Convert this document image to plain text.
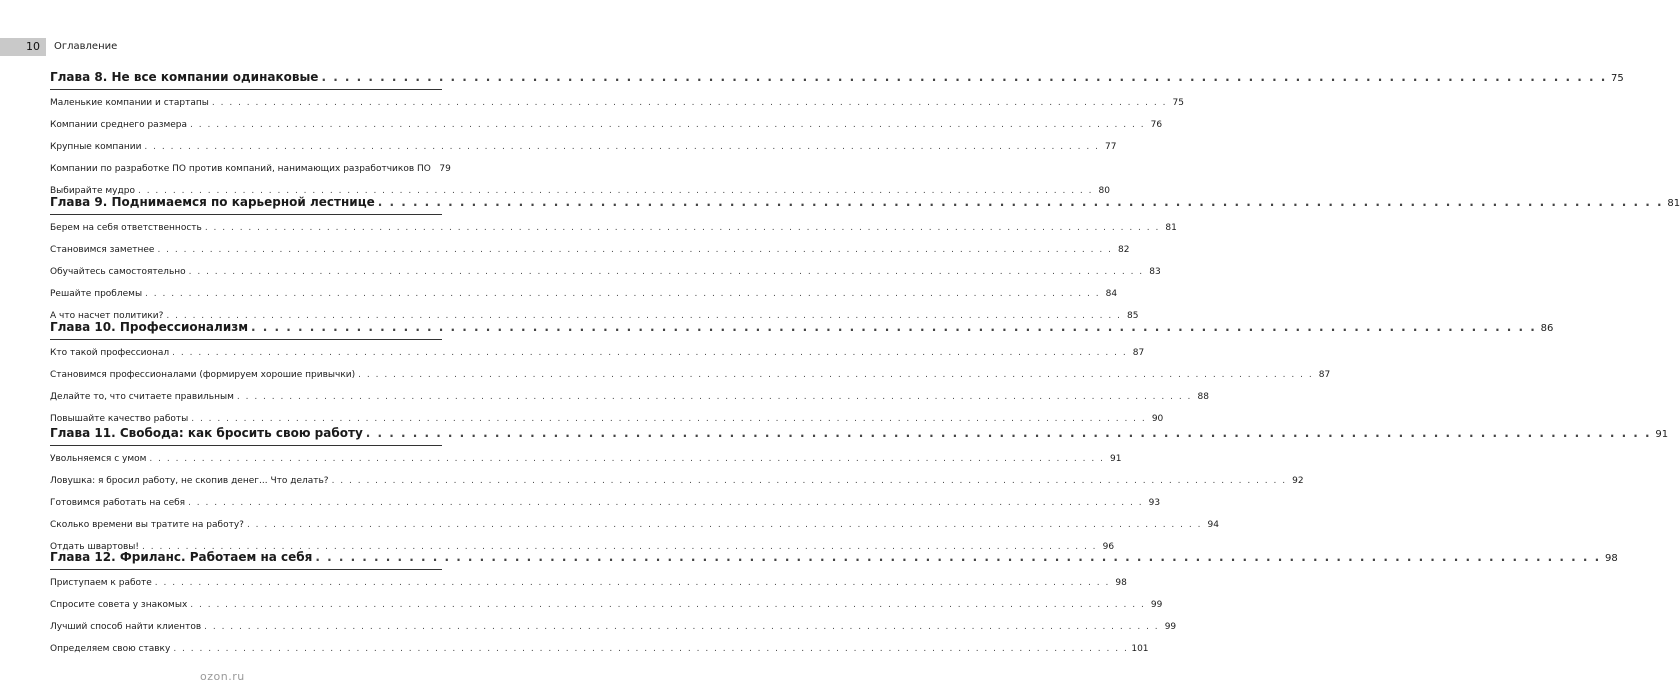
10	Оглавление
Глава 8. Не все компании одинаковые . . .	75
Маленькие компании и стартапы . . .	75
Компании среднего размера . . .	76
Крупные компании . . .	77
Компании по разработке ПО против компаний, нанимающих разработчиков ПО 79
Выбирайте мудро . . .	80
Глава 9. Поднимаемся по карьерной лестнице . . .	81
Берем на себя ответственность . . .	81
Становимся заметнее . . .	82
Обучайтесь самостоятельно . . .	83
Решайте проблемы . . .	84
А что насчет политики? . . .	85
Глава 10. Профессионализм . . .	86
Кто такой профессионал . . .	87
Становимся профессионалами (формируем хорошие привычки) . . .	87
Делайте то, что считаете правильным . . .	88
Повышайте качество работы . . .	90
Глава 11. Свобода: как бросить свою работу . . .	91
Увольняемся с умом . . .	91
Ловушка: я бросил работу, не скопив денег... Что делать? . . .	92
Готовимся работать на себя . . .	93
Сколько времени вы тратите на работу? . . .	94
Отдать швартовы! . . .	96
Глава 12. Фриланс. Работаем на себя . . .	98
Приступаем к работе . . .	98
Спросите совета у знакомых . . .	99
Лучший способ найти клиентов . . .	99
Определяем свою ставку . . .	101
ozon.ru
